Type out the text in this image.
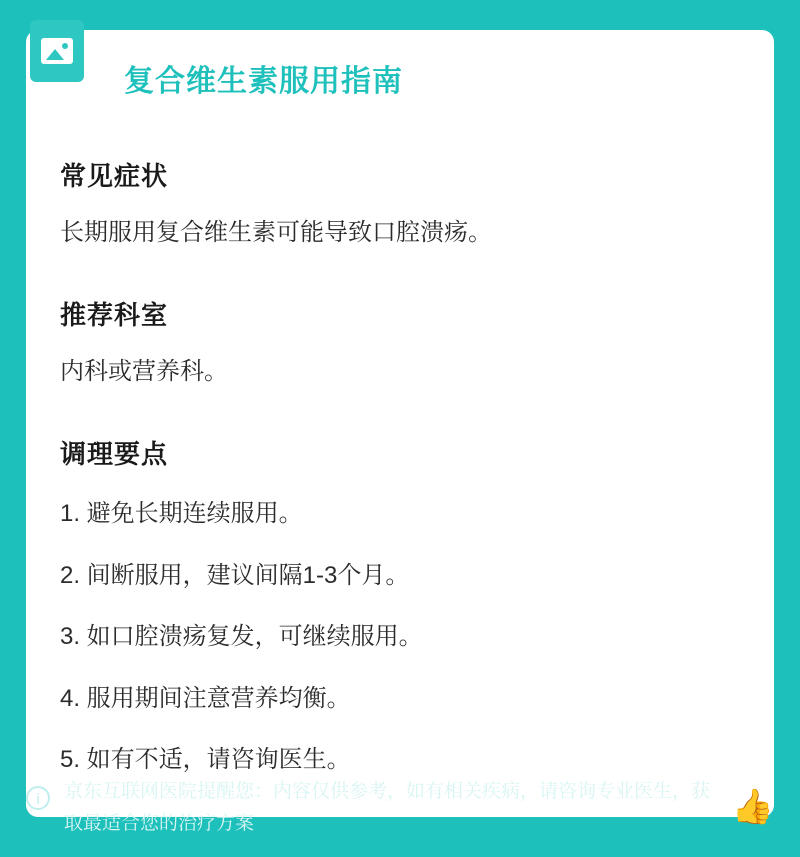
复合维生素服用指南
常见症状
长期服用复合维生素可能导致口腔溃疡。
推荐科室
内科或营养科。
调理要点
1. 避免长期连续服用。
2. 间断服用，建议间隔1-3个月。
3. 如口腔溃疡复发，可继续服用。
4. 服用期间注意营养均衡。
5. 如有不适，请咨询医生。
i	京东互联网医院提醒您：内容仅供参考，如有相关疾病，请咨询专业医生，获取最适合您的治疗方案	👍
